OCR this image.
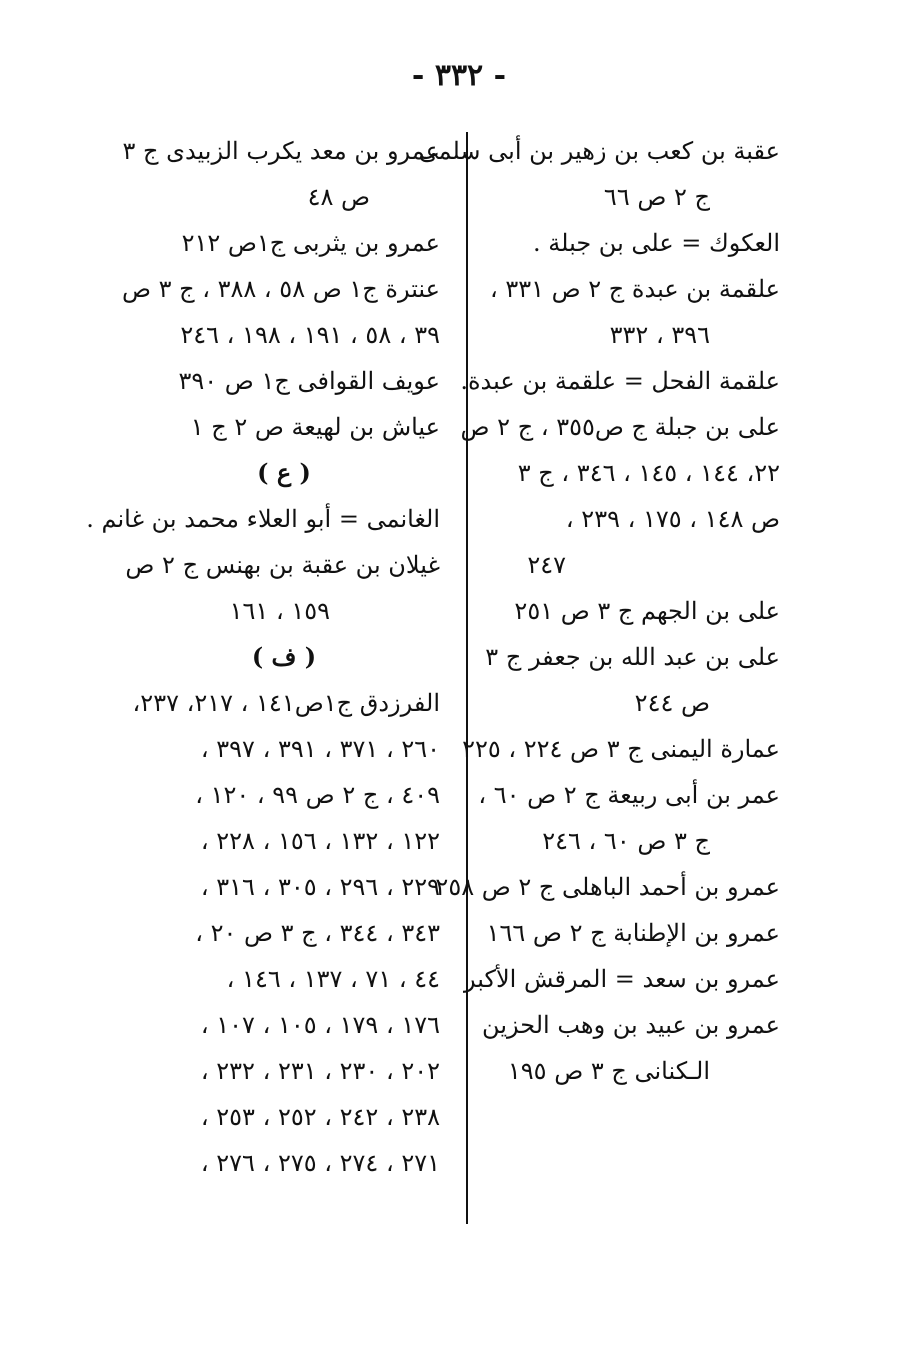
- ٣٣٢ -
عقبة بن كعب بن زهير بن أبى سلمى
ج ٢ ص ٦٦
العكوك = على بن جبلة .
علقمة بن عبدة ج ٢ ص ٣٣١ ،
٣٩٦ ، ٣٣٢
علقمة الفحل = علقمة بن عبدة.
على بن جبلة ج ص٣٥٥ ، ج ٢ ص
٢٢، ١٤٤ ، ١٤٥ ، ٣٤٦ ، ج ٣
ص ١٤٨ ، ١٧٥ ، ٢٣٩ ،
٢٤٧
على بن الجهم ج ٣ ص ٢٥١
على بن عبد الله بن جعفر ج ٣
ص ٢٤٤
عمارة اليمنى ج ٣ ص ٢٢٤ ، ٢٢٥
عمر بن أبى ربيعة ج ٢ ص ٦٠ ،
ج ٣ ص ٦٠ ، ٢٤٦
عمرو بن أحمد الباهلى ج ٢ ص ٢٥٨
عمرو بن الإطنابة ج ٢ ص ١٦٦
عمرو بن سعد = المرقش الأكبر
عمرو بن عبيد بن وهب الحزين
الـكنانى ج ٣ ص ١٩٥
عمرو بن معد يكرب الزبيدى ج ٣
ص ٤٨
عمرو بن يثربى ج١ص ٢١٢
عنترة ج١ ص ٥٨ ، ٣٨٨ ، ج ٣ ص
٣٩ ، ٥٨ ، ١٩١ ، ١٩٨ ، ٢٤٦
عويف القوافى ج١ ص ٣٩٠
عياش بن لهيعة ص ٢ ج ١
( ع )
الغانمى = أبو العلاء محمد بن غانم .
غيلان بن عقبة بن بهنس ج ٢ ص
١٥٩ ، ١٦١
( ف )
الفرزدق ج١ص١٤١ ، ٢١٧، ٢٣٧،
٢٦٠ ، ٣٧١ ، ٣٩١ ، ٣٩٧ ،
٤٠٩ ، ج ٢ ص ٩٩ ، ١٢٠ ،
١٢٢ ، ١٣٢ ، ١٥٦ ، ٢٢٨ ،
٢٢٩ ، ٢٩٦ ، ٣٠٥ ، ٣١٦ ،
٣٤٣ ، ٣٤٤ ، ج ٣ ص ٢٠ ،
٤٤ ، ٧١ ، ١٣٧ ، ١٤٦ ،
١٧٦ ، ١٧٩ ، ١٠٥ ، ١٠٧ ،
٢٠٢ ، ٢٣٠ ، ٢٣١ ، ٢٣٢ ،
٢٣٨ ، ٢٤٢ ، ٢٥٢ ، ٢٥٣ ،
٢٧١ ، ٢٧٤ ، ٢٧٥ ، ٢٧٦ ،
